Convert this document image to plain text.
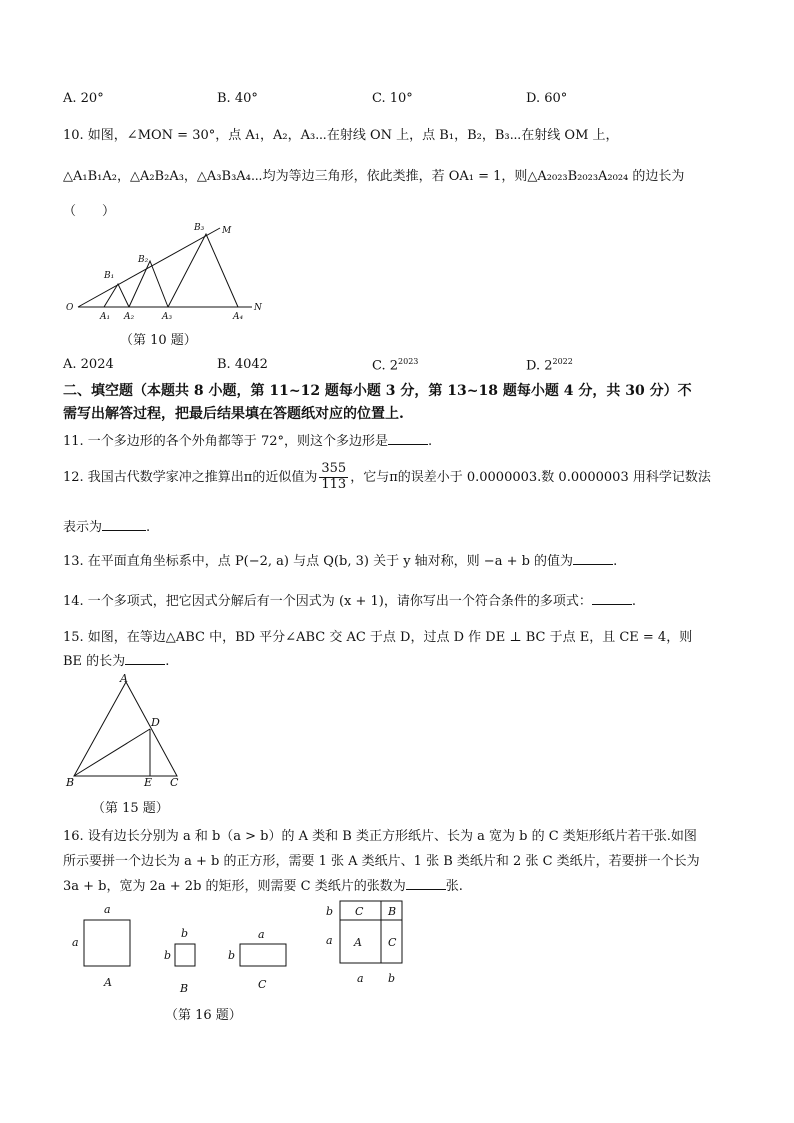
A. 20°	B. 40°	C. 10°	D. 60°
10. 如图，∠MON = 30°，点 A₁，A₂，A₃⋯在射线 ON 上，点 B₁，B₂，B₃⋯在射线 OM 上，
△A₁B₁A₂，△A₂B₂A₃，△A₃B₃A₄⋯均为等边三角形，依此类推，若 OA₁ = 1，则△A₂₀₂₃B₂₀₂₃A₂₀₂₄ 的边长为
（　　）
O
M
N
B₁
B₂
B₃
A₁ A₂	A₃	A₄
（第 10 题）
A. 2024	B. 4042	C. $2^{2023}$	D. $2^{2022}$
二、填空题（本题共 8 小题，第 11~12 题每小题 3 分，第 13~18 题每小题 4 分，共 30 分）不
需写出解答过程，把最后结果填在答题纸对应的位置上.
11. 一个多边形的各个外角都等于 72°，则这个多边形是	.
12. 我国古代数学家冲之推算出π的近似值为 $\frac{355}{113}$ ，它与π的误差小于 0.0000003.数 0.0000003 用科学记数法
表示为	.
13. 在平面直角坐标系中，点 P(−2, a) 与点 Q(b, 3) 关于 y 轴对称，则 −a + b 的值为	.
14. 一个多项式，把它因式分解后有一个因式为 (x + 1)，请你写出一个符合条件的多项式：	.
15. 如图，在等边△ABC 中，BD 平分∠ABC 交 AC 于点 D，过点 D 作 DE ⊥ BC 于点 E，且 CE = 4，则
BE 的长为	.
A
B	C
D
E
（第 15 题）
16. 设有边长分别为 a 和 b（a > b）的 A 类和 B 类正方形纸片、长为 a 宽为 b 的 C 类矩形纸片若干张.如图
所示要拼一个边长为 a + b 的正方形，需要 1 张 A 类纸片、1 张 B 类纸片和 2 张 C 类纸片，若要拼一个长为
3a + b，宽为 2a + 2b 的矩形，则需要 C 类纸片的张数为	张.
a
a
A
b
b
B
a
b
C
b
a
C B
A C
a b
（第 16 题）
